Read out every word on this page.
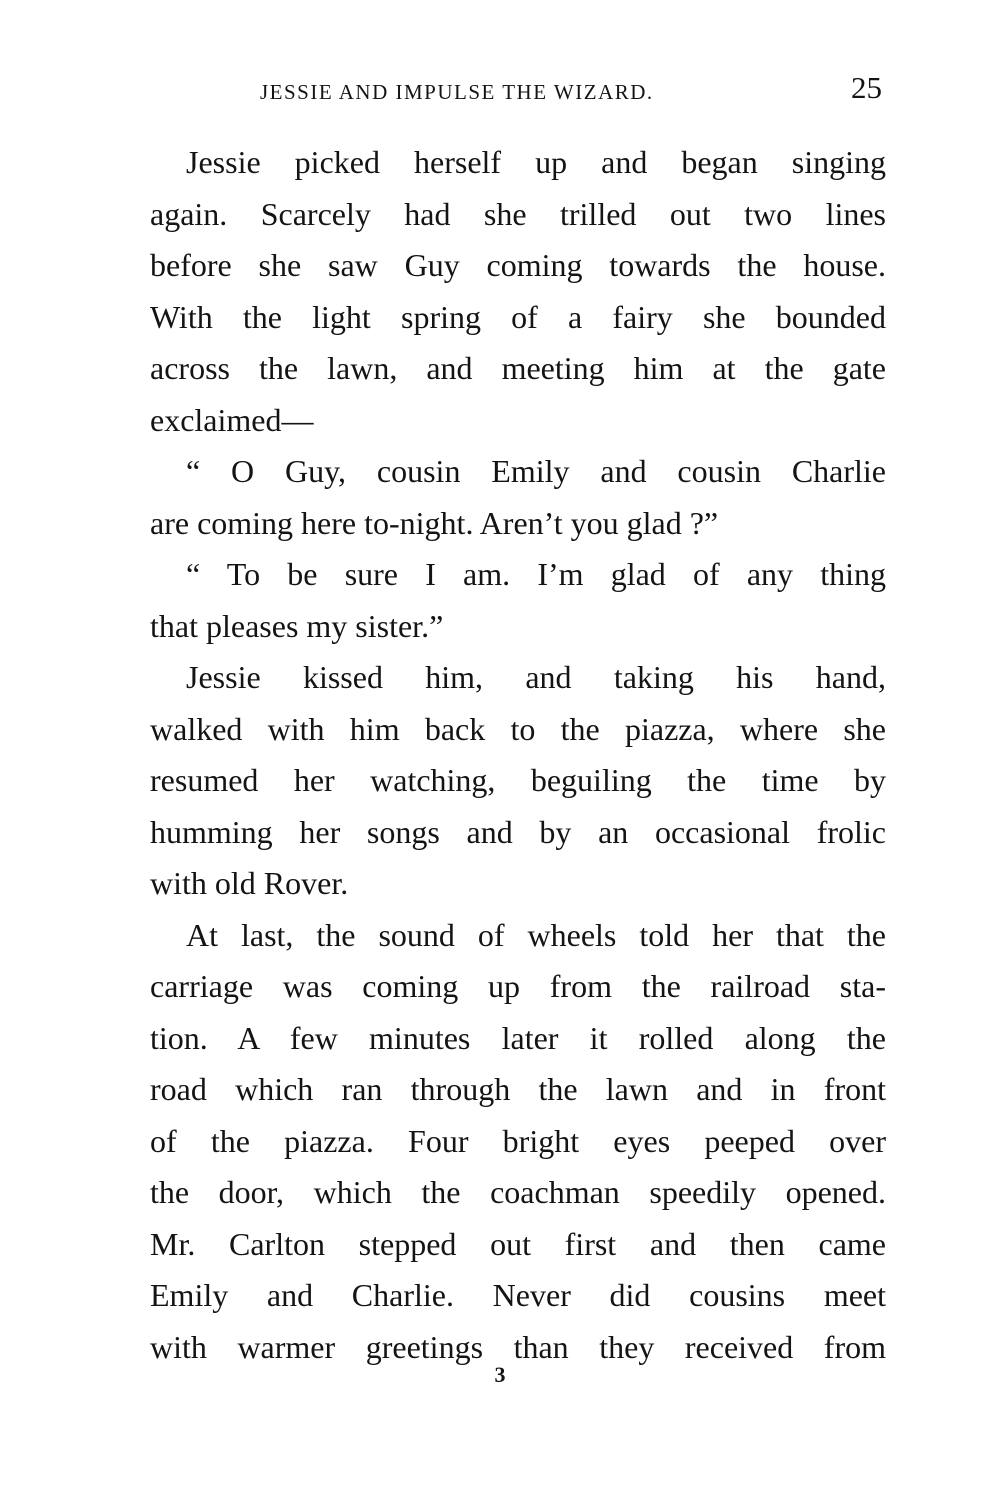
JESSIE AND IMPULSE THE WIZARD.	25
Jessie picked herself up and began singing
again. Scarcely had she trilled out two lines
before she saw Guy coming towards the house.
With the light spring of a fairy she bounded
across the lawn, and meeting him at the gate
exclaimed—
“ O Guy, cousin Emily and cousin Charlie
are coming here to-night. Aren’t you glad ?”
“ To be sure I am. I’m glad of any thing
that pleases my sister.”
Jessie kissed him, and taking his hand,
walked with him back to the piazza, where she
resumed her watching, beguiling the time by
humming her songs and by an occasional frolic
with old Rover.
At last, the sound of wheels told her that the
carriage was coming up from the railroad sta-
tion. A few minutes later it rolled along the
road which ran through the lawn and in front
of the piazza. Four bright eyes peeped over
the door, which the coachman speedily opened.
Mr. Carlton stepped out first and then came
Emily and Charlie. Never did cousins meet
with warmer greetings than they received from
3
